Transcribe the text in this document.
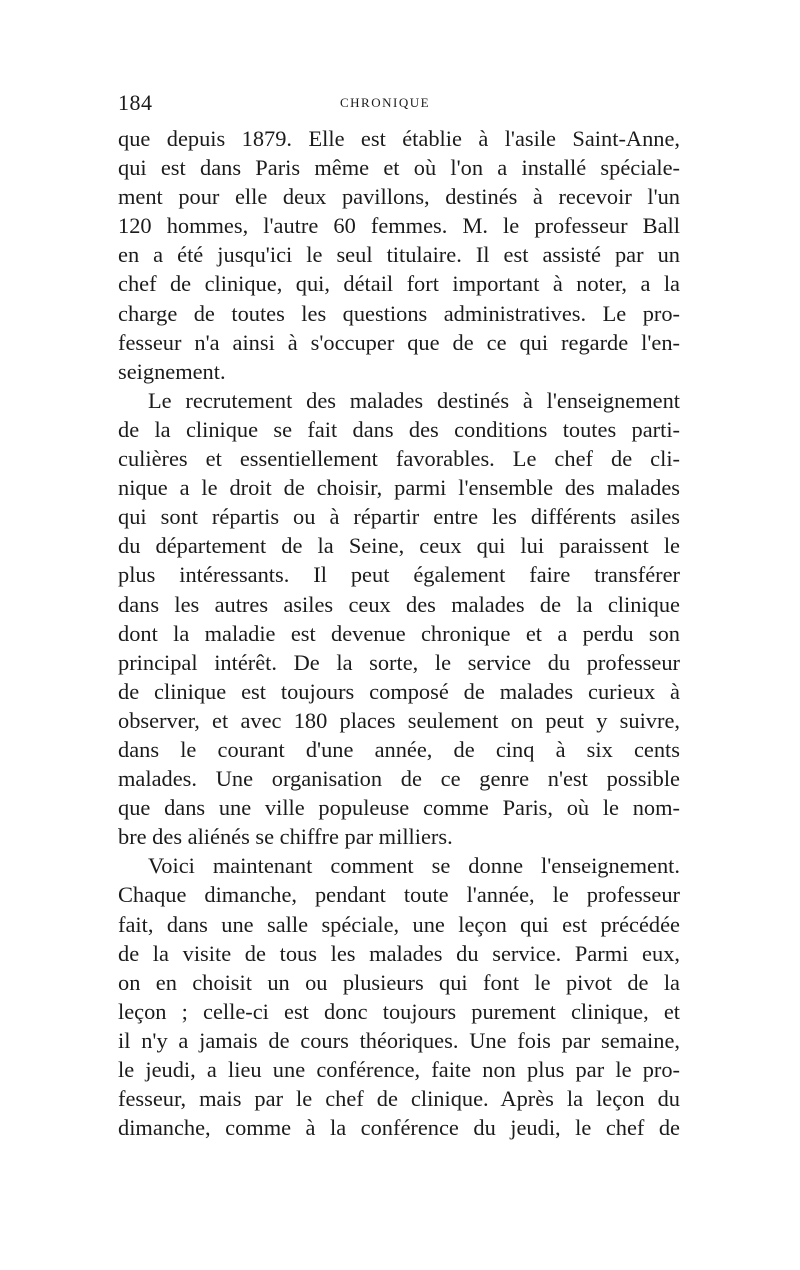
184	CHRONIQUE
que depuis 1879. Elle est établie à l'asile Saint-Anne,
qui est dans Paris même et où l'on a installé spéciale-
ment pour elle deux pavillons, destinés à recevoir l'un
120 hommes, l'autre 60 femmes. M. le professeur Ball
en a été jusqu'ici le seul titulaire. Il est assisté par un
chef de clinique, qui, détail fort important à noter, a la
charge de toutes les questions administratives. Le pro-
fesseur n'a ainsi à s'occuper que de ce qui regarde l'en-
seignement.
Le recrutement des malades destinés à l'enseignement
de la clinique se fait dans des conditions toutes parti-
culières et essentiellement favorables. Le chef de cli-
nique a le droit de choisir, parmi l'ensemble des malades
qui sont répartis ou à répartir entre les différents asiles
du département de la Seine, ceux qui lui paraissent le
plus intéressants. Il peut également faire transférer
dans les autres asiles ceux des malades de la clinique
dont la maladie est devenue chronique et a perdu son
principal intérêt. De la sorte, le service du professeur
de clinique est toujours composé de malades curieux à
observer, et avec 180 places seulement on peut y suivre,
dans le courant d'une année, de cinq à six cents
malades. Une organisation de ce genre n'est possible
que dans une ville populeuse comme Paris, où le nom-
bre des aliénés se chiffre par milliers.
Voici maintenant comment se donne l'enseignement.
Chaque dimanche, pendant toute l'année, le professeur
fait, dans une salle spéciale, une leçon qui est précédée
de la visite de tous les malades du service. Parmi eux,
on en choisit un ou plusieurs qui font le pivot de la
leçon ; celle-ci est donc toujours purement clinique, et
il n'y a jamais de cours théoriques. Une fois par semaine,
le jeudi, a lieu une conférence, faite non plus par le pro-
fesseur, mais par le chef de clinique. Après la leçon du
dimanche, comme à la conférence du jeudi, le chef de
